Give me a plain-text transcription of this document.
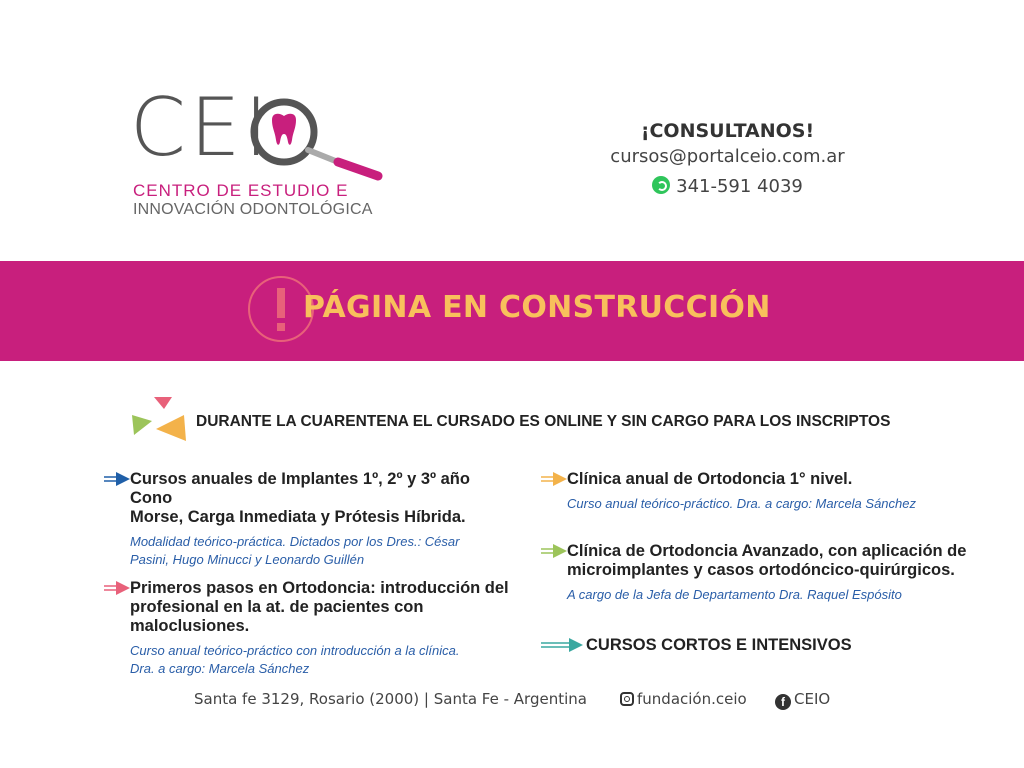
CEI
CENTRO DE ESTUDIO E
INNOVACIÓN ODONTOLÓGICA
¡CONSULTANOS!
cursos@portalceio.com.ar
341-591 4039
PÁGINA EN CONSTRUCCIÓN
DURANTE LA CUARENTENA EL CURSADO ES ONLINE Y SIN CARGO PARA LOS INSCRIPTOS
Cursos anuales de Implantes 1º, 2º y 3º año Cono
Morse, Carga Inmediata y Prótesis Híbrida.
Modalidad teórico-práctica. Dictados por los Dres.: César
Pasini, Hugo Minucci y Leonardo Guillén
Primeros pasos en Ortodoncia: introducción del
profesional en la at. de pacientes con maloclusiones.
Curso anual teórico-práctico con introducción a la clínica.
Dra. a cargo: Marcela Sánchez
Clínica anual de Ortodoncia 1° nivel.
Curso anual teórico-práctico. Dra. a cargo: Marcela Sánchez
Clínica de Ortodoncia Avanzado, con aplicación de
microimplantes y casos ortodóncico-quirúrgicos.
A cargo de la Jefa de Departamento Dra. Raquel Espósito
CURSOS CORTOS E INTENSIVOS
Santa fe 3129, Rosario (2000) | Santa Fe - Argentina	fundación.ceio	f CEIO
